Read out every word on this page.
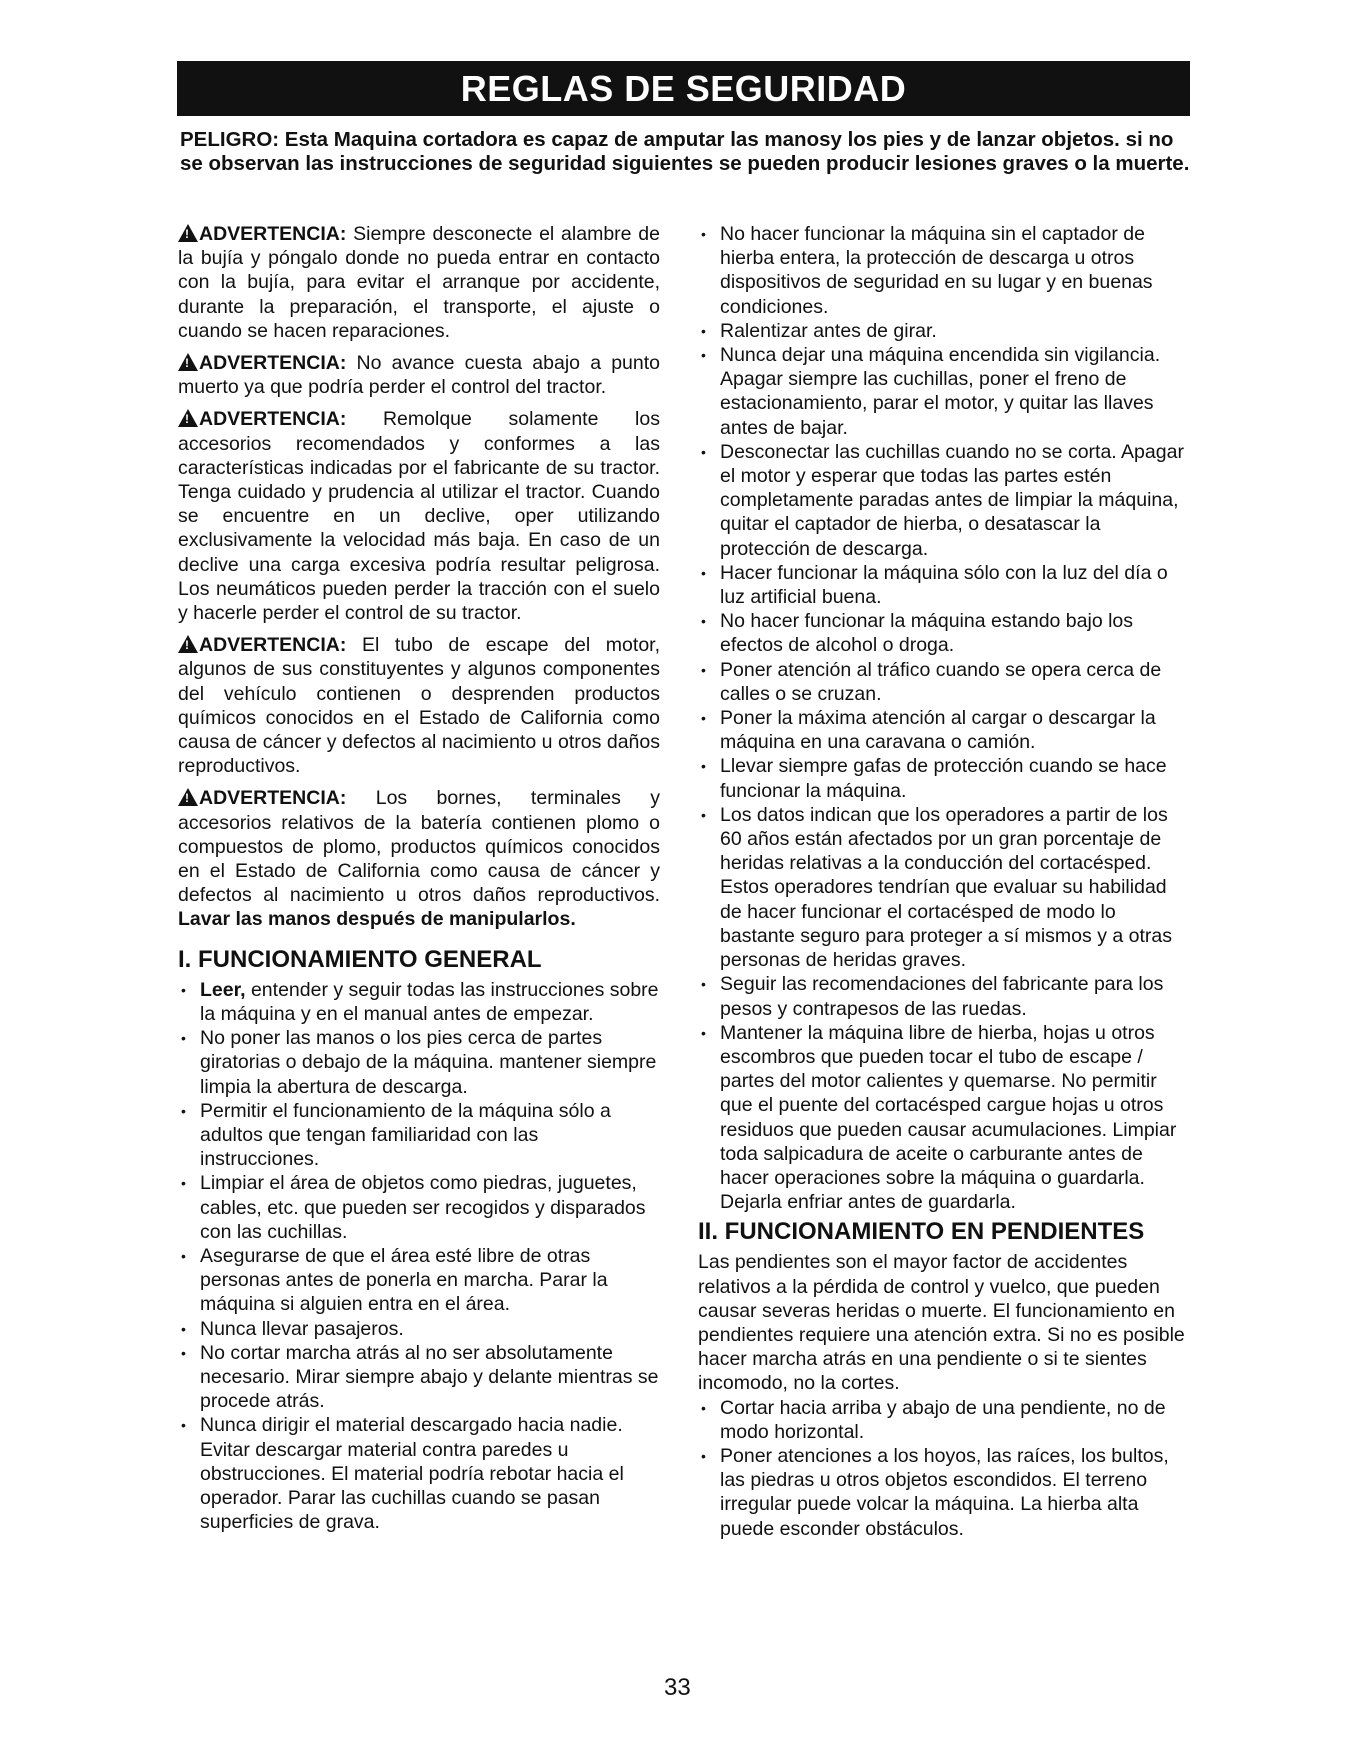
REGLAS DE SEGURIDAD
PELIGRO: Esta Maquina cortadora es capaz de amputar las manosy los pies y de lanzar objetos. si no se observan las instrucciones de seguridad siguientes se pueden producir lesiones graves o la muerte.

!ADVERTENCIA: Siempre desconecte el alambre de la bujía y póngalo donde no pueda entrar en contacto con la bujía, para evitar el arranque por accidente, durante la preparación, el transporte, el ajuste o cuando se hacen reparaciones.

!ADVERTENCIA: No avance cuesta abajo a punto muerto ya que podría perder el control del tractor.

!ADVERTENCIA: Remolque solamente los accesorios recomendados y conformes a las características indicadas por el fabricante de su tractor. Tenga cuidado y prudencia al utilizar el tractor. Cuando se encuentre en un declive, oper utilizando exclusivamente la velocidad más baja. En caso de un declive una carga excesiva podría resultar peligrosa. Los neumáticos pueden perder la tracción con el suelo y hacerle perder el control de su tractor.

!ADVERTENCIA: El tubo de escape del motor, algunos de sus constituyentes y algunos componentes del vehículo contienen o desprenden productos químicos conocidos en el Estado de California como causa de cáncer y defectos al nacimiento u otros daños reproductivos.

!ADVERTENCIA: Los bornes, terminales y accesorios relativos de la batería contienen plomo o compuestos de plomo, productos químicos conocidos en el Estado de California como causa de cáncer y defectos al nacimiento u otros daños reproductivos. Lavar las manos después de manipularlos.

I. FUNCIONAMIENTO GENERAL
• Leer, entender y seguir todas las instrucciones sobre la máquina y en el manual antes de empezar.
• No poner las manos o los pies cerca de partes giratorias o debajo de la máquina. mantener siempre limpia la abertura de descarga.
• Permitir el funcionamiento de la máquina sólo a adultos que tengan familiaridad con las instrucciones.
• Limpiar el área de objetos como piedras, juguetes, cables, etc. que pueden ser recogidos y disparados con las cuchillas.
• Asegurarse de que el área esté libre de otras personas antes de ponerla en marcha. Parar la máquina si alguien entra en el área.
• Nunca llevar pasajeros.
• No cortar marcha atrás al no ser absolutamente necesario. Mirar siempre abajo y delante mientras se procede atrás.
• Nunca dirigir el material descargado hacia nadie. Evitar descargar material contra paredes u obstrucciones. El material podría rebotar hacia el operador. Parar las cuchillas cuando se pasan superficies de grava.
• No hacer funcionar la máquina sin el captador de hierba entera, la protección de descarga u otros dispositivos de seguridad en su lugar y en buenas condiciones.
• Ralentizar antes de girar.
• Nunca dejar una máquina encendida sin vigilancia. Apagar siempre las cuchillas, poner el freno de estacionamiento, parar el motor, y quitar las llaves antes de bajar.
• Desconectar las cuchillas cuando no se corta. Apagar el motor y esperar que todas las partes estén completamente paradas antes de limpiar la máquina, quitar el captador de hierba, o desatascar la protección de descarga.
• Hacer funcionar la máquina sólo con la luz del día o luz artificial buena.
• No hacer funcionar la máquina estando bajo los efectos de alcohol o droga.
• Poner atención al tráfico cuando se opera cerca de calles o se cruzan.
• Poner la máxima atención al cargar o descargar la máquina en una caravana o camión.
• Llevar siempre gafas de protección cuando se hace funcionar la máquina.
• Los datos indican que los operadores a partir de los 60 años están afectados por un gran porcentaje de heridas relativas a la conducción del cortacésped. Estos operadores tendrían que evaluar su habilidad de hacer funcionar el cortacésped de modo lo bastante seguro para proteger a sí mismos y a otras personas de heridas graves.
• Seguir las recomendaciones del fabricante para los pesos y contrapesos de las ruedas.
• Mantener la máquina libre de hierba, hojas u otros escombros que pueden tocar el tubo de escape / partes del motor calientes y quemarse. No permitir que el puente del cortacésped cargue hojas u otros residuos que pueden causar acumulaciones. Limpiar toda salpicadura de aceite o carburante antes de hacer operaciones sobre la máquina o guardarla. Dejarla enfriar antes de guardarla.
II. FUNCIONAMIENTO EN PENDIENTES

Las pendientes son el mayor factor de accidentes relativos a la pérdida de control y vuelco, que pueden causar severas heridas o muerte. El funcionamiento en pendientes requiere una atención extra. Si no es posible hacer marcha atrás en una pendiente o si te sientes incomodo, no la cortes.

• Cortar hacia arriba y abajo de una pendiente, no de modo horizontal.
• Poner atenciones a los hoyos, las raíces, los bultos, las piedras u otros objetos escondidos. El terreno irregular puede volcar la máquina. La hierba alta puede esconder obstáculos.
33
